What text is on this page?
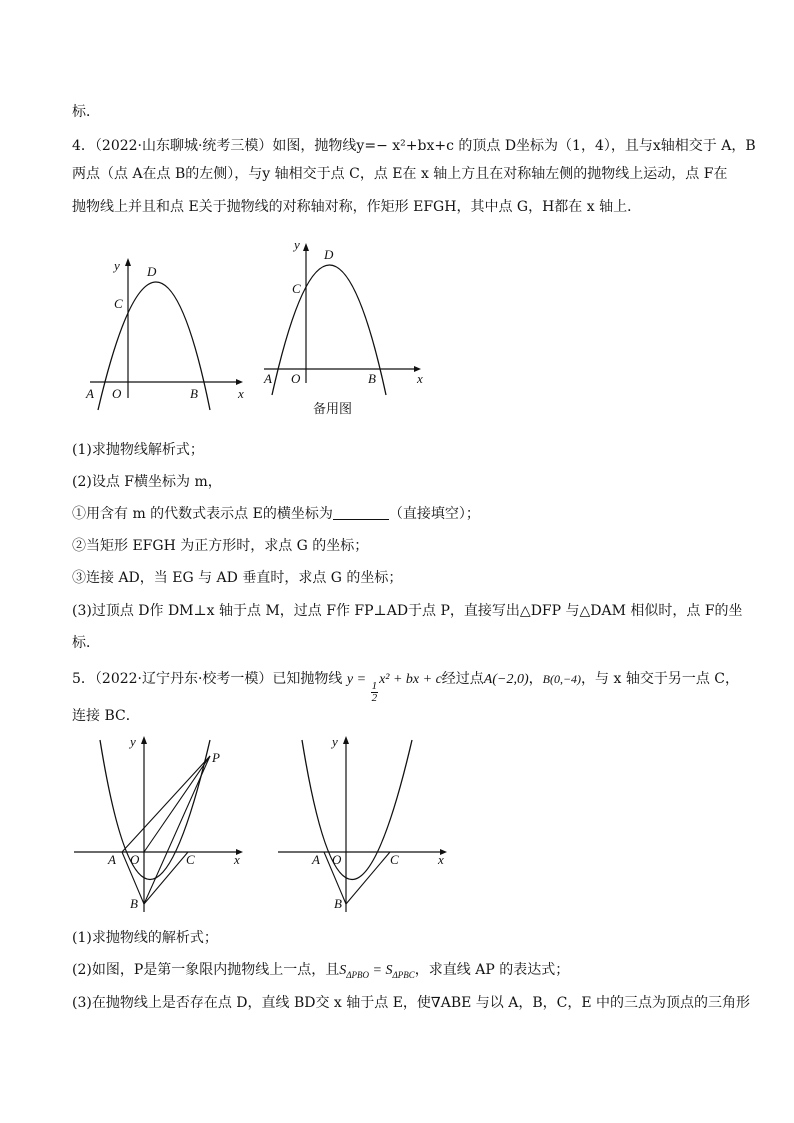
标．
4．（2022·山东聊城·统考三模）如图，抛物线y=− x²+bx+c 的顶点 D坐标为（1，4），且与x轴相交于 A，B
两点（点 A在点 B的左侧），与y 轴相交于点 C，点 E在 x 轴上方且在对称轴左侧的抛物线上运动，点 F在
抛物线上并且和点 E关于抛物线的对称轴对称，作矩形 EFGH，其中点 G，H都在 x 轴上．
y D
C
A O	B	x
y
D
C
A O	B	x
备用图
(1)求抛物线解析式；
(2)设点 F横坐标为 m，
①用含有 m 的代数式表示点 E的横坐标为	（直接填空）；
②当矩形 EFGH 为正方形时，求点 G 的坐标；
③连接 AD，当 EG 与 AD 垂直时，求点 G 的坐标；
(3)过顶点 D作 DM⊥x 轴于点 M，过点 F作 FP⊥AD于点 P，直接写出△DFP 与△DAM 相似时，点 F的坐
标．
5．（2022·辽宁丹东·校考一模）已知抛物线 y =
$\frac{1}{2}$
x² + bx + c经过点A(−2,0)，B(0,−4)，与 x 轴交于另一点 C，
连接 BC．
y
P
A O	C	x
B
y
A O	C	x
B
(1)求抛物线的解析式；
(2)如图，P是第一象限内抛物线上一点，且$S_{\Delta PBO} = S_{\Delta PBC}$，求直线 AP 的表达式；
(3)在抛物线上是否存在点 D，直线 BD交 x 轴于点 E，使∇ABE 与以 A，B，C，E 中的三点为顶点的三角形
